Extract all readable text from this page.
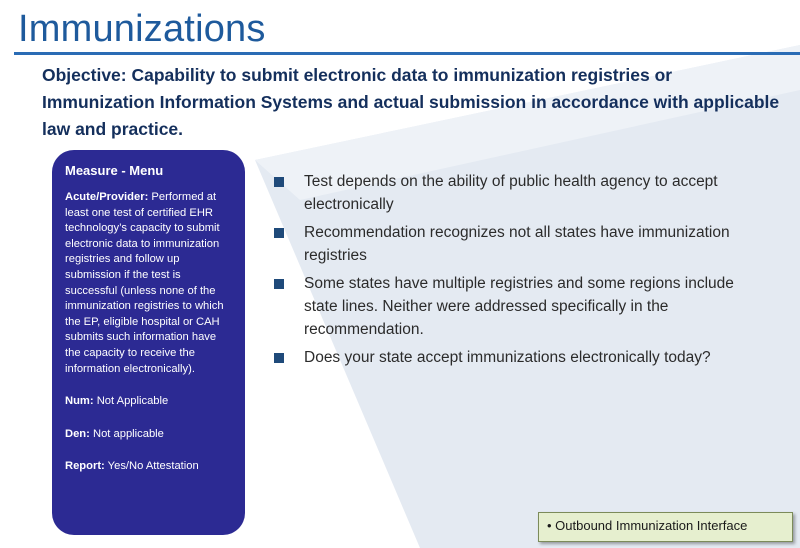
Immunizations

Objective: Capability to submit electronic data to immunization registries or Immunization Information Systems and actual submission in accordance with applicable law and practice.

Measure - Menu

Acute/Provider: Performed at least one test of certified EHR technology’s capacity to submit electronic data to immunization registries and follow up submission if the test is successful (unless none of the immunization registries to which the EP, eligible hospital or CAH submits such information have the capacity to receive the information electronically).

Num: Not Applicable

Den: Not applicable

Report: Yes/No Attestation

Test depends on the ability of public health agency to accept electronically
Recommendation recognizes not all states have immunization registries
Some states have multiple registries and some regions include state lines. Neither were addressed specifically in the recommendation.
Does your state accept immunizations electronically today?
• Outbound Immunization Interface
